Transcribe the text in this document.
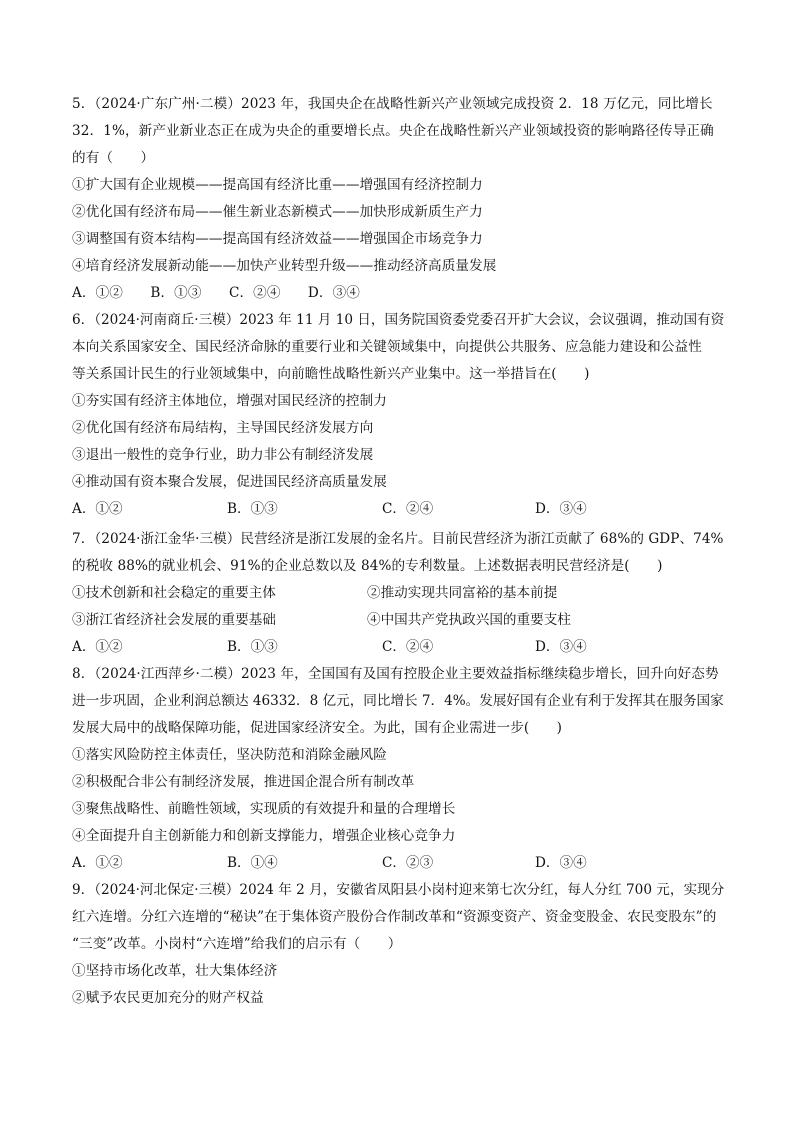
5．（2024·广东广州·二模）2023 年，我国央企在战略性新兴产业领域完成投资 2．18 万亿元，同比增长
32．1%，新产业新业态正在成为央企的重要增长点。央企在战略性新兴产业领域投资的影响路径传导正确
的有（　　）
①扩大国有企业规模——提高国有经济比重——增强国有经济控制力
②优化国有经济布局——催生新业态新模式——加快形成新质生产力
③调整国有资本结构——提高国有经济效益——增强国企市场竞争力
④培育经济发展新动能——加快产业转型升级——推动经济高质量发展
A．①②　　B．①③　　C．②④　　D．③④
6．（2024·河南商丘·三模）2023 年 11 月 10 日，国务院国资委党委召开扩大会议，会议强调，推动国有资
本向关系国家安全、国民经济命脉的重要行业和关键领域集中，向提供公共服务、应急能力建设和公益性
等关系国计民生的行业领域集中，向前瞻性战略性新兴产业集中。这一举措旨在(　　)
①夯实国有经济主体地位，增强对国民经济的控制力
②优化国有经济布局结构，主导国民经济发展方向
③退出一般性的竞争行业，助力非公有制经济发展
④推动国有资本聚合发展，促进国民经济高质量发展
A．①②	B．①③	C．②④	D．③④
7．（2024·浙江金华·三模）民营经济是浙江发展的金名片。目前民营经济为浙江贡献了 68%的 GDP、74%
的税收 88%的就业机会、91%的企业总数以及 84%的专利数量。上述数据表明民营经济是(　　)
①技术创新和社会稳定的重要主体	②推动实现共同富裕的基本前提
③浙江省经济社会发展的重要基础	④中国共产党执政兴国的重要支柱
A．①②	B．①③	C．②④	D．③④
8．（2024·江西萍乡·二模）2023 年，全国国有及国有控股企业主要效益指标继续稳步增长，回升向好态势
进一步巩固，企业利润总额达 46332．8 亿元，同比增长 7．4%。发展好国有企业有利于发挥其在服务国家
发展大局中的战略保障功能，促进国家经济安全。为此，国有企业需进一步(　　)
①落实风险防控主体责任，坚决防范和消除金融风险
②积极配合非公有制经济发展，推进国企混合所有制改革
③聚焦战略性、前瞻性领域，实现质的有效提升和量的合理增长
④全面提升自主创新能力和创新支撑能力，增强企业核心竞争力
A．①②	B．①④	C．②③	D．③④
9．（2024·河北保定·三模）2024 年 2 月，安徽省凤阳县小岗村迎来第七次分红，每人分红 700 元，实现分
红六连增。分红六连增的“秘诀”在于集体资产股份合作制改革和“资源变资产、资金变股金、农民变股东”的
“三变”改革。小岗村“六连增”给我们的启示有（　　）
①坚持市场化改革，壮大集体经济
②赋予农民更加充分的财产权益
